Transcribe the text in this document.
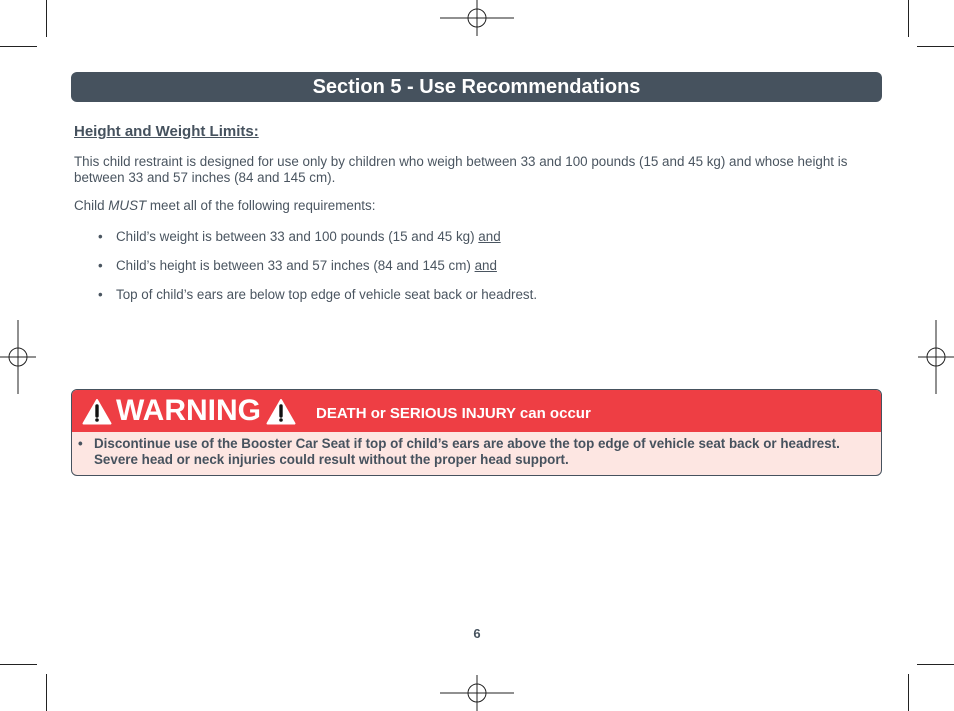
Section 5 - Use Recommendations
Height and Weight Limits:
This child restraint is designed for use only by children who weigh between 33 and 100 pounds (15 and 45 kg) and whose height is between 33 and 57 inches (84 and 145 cm).
Child MUST meet all of the following requirements:
• Child’s weight is between 33 and 100 pounds (15 and 45 kg) and
• Child’s height is between 33 and 57 inches (84 and 145 cm) and
• Top of child’s ears are below top edge of vehicle seat back or headrest.
WARNING	DEATH or SERIOUS INJURY can occur
• Discontinue use of the Booster Car Seat if top of child’s ears are above the top edge of vehicle seat back or headrest. Severe head or neck injuries could result without the proper head support.
6
